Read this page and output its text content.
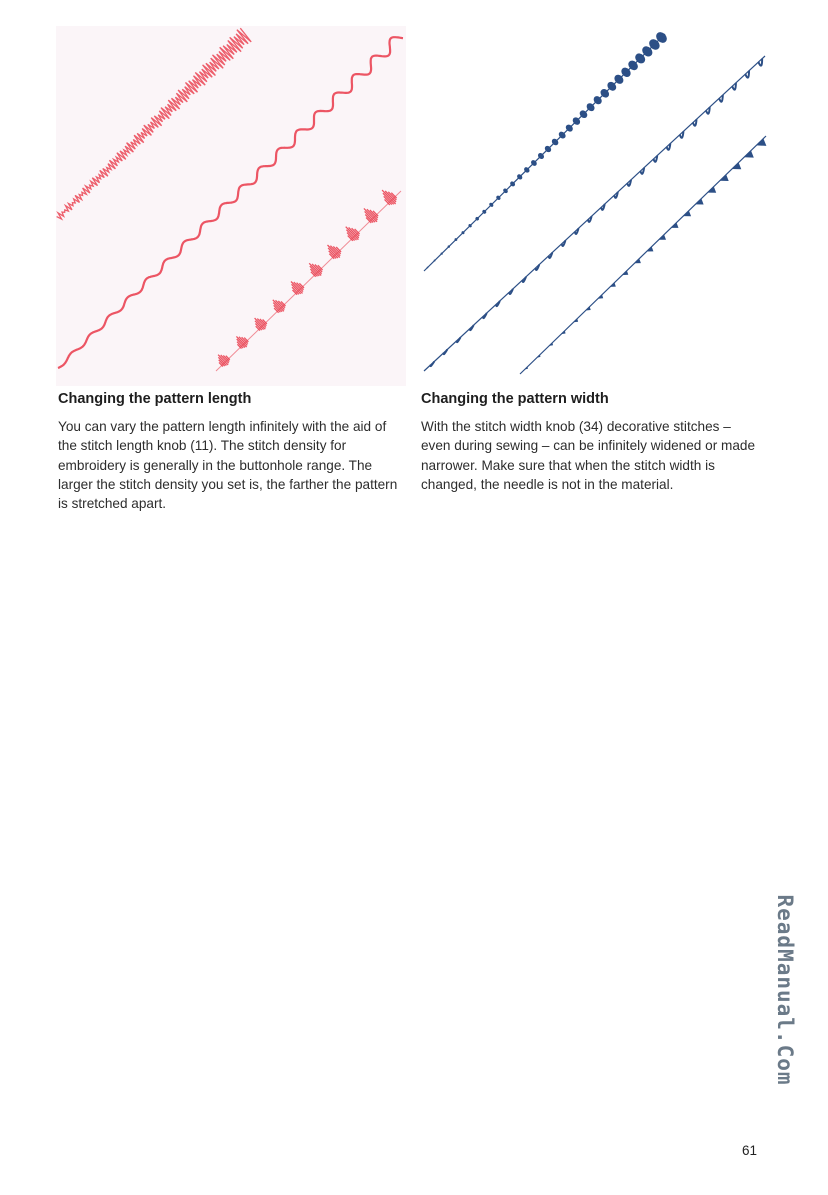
Changing the pattern length

You can vary the pattern length infinitely with the aid of the stitch length knob (11). The stitch density for embroidery is generally in the buttonhole range. The larger the stitch density you set is, the farther the pattern is stretched apart.

Changing the pattern width

With the stitch width knob (34) decorative stitches – even during sewing – can be infinitely widened or made narrower. Make sure that when the stitch width is changed, the needle is not in the material.

ReadManual.Com
61
